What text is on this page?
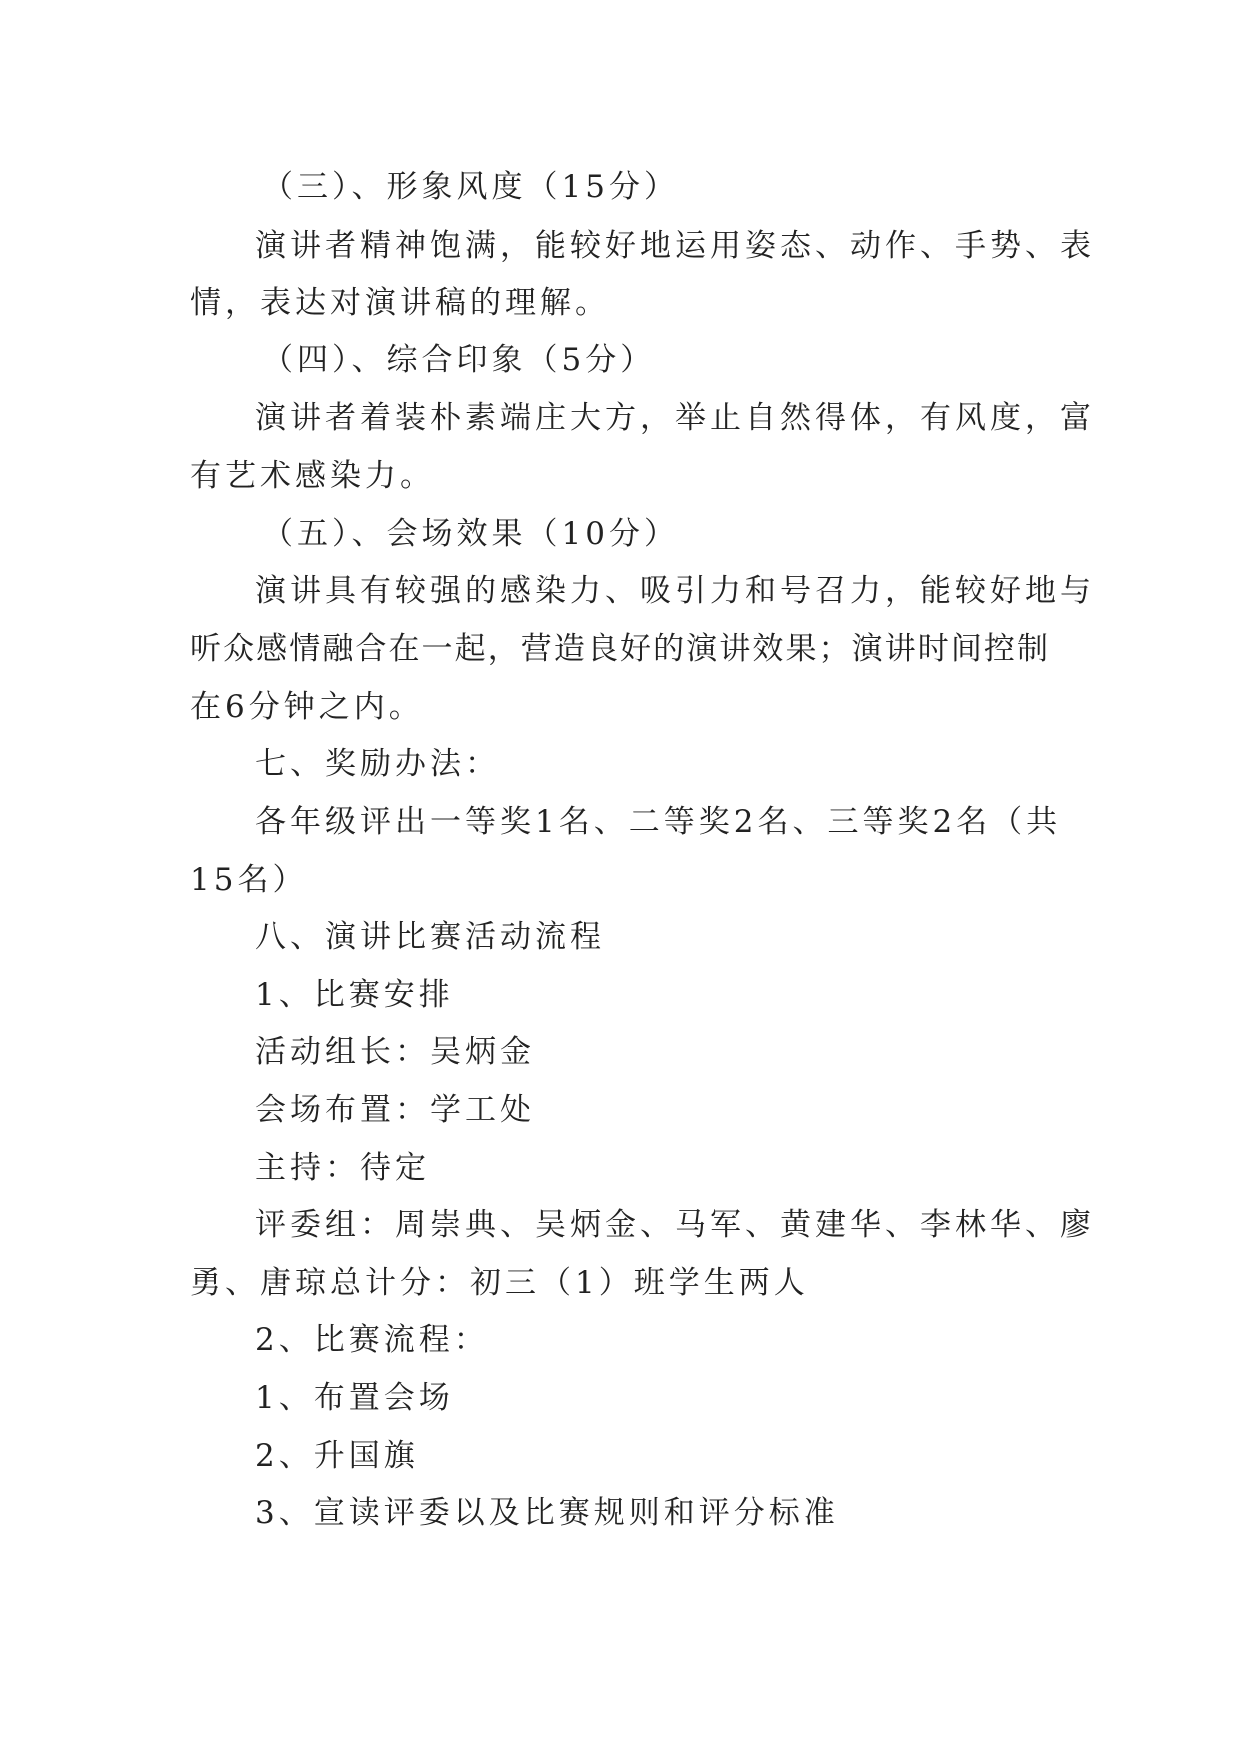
（三）、形象风度（15分）
演讲者精神饱满，能较好地运用姿态、动作、手势、表
情，表达对演讲稿的理解。
（四）、综合印象（5分）
演讲者着装朴素端庄大方，举止自然得体，有风度，富
有艺术感染力。
（五）、会场效果（10分）
演讲具有较强的感染力、吸引力和号召力，能较好地与
听众感情融合在一起，营造良好的演讲效果；演讲时间控制
在6分钟之内。
七、奖励办法：
各年级评出一等奖1名、二等奖2名、三等奖2名（共
15名）
八、演讲比赛活动流程
1、比赛安排
活动组长：吴炳金
会场布置：学工处
主持：待定
评委组：周崇典、吴炳金、马军、黄建华、李林华、廖
勇、唐琼总计分：初三（1）班学生两人
2、比赛流程：
1、布置会场
2、升国旗
3、宣读评委以及比赛规则和评分标准
